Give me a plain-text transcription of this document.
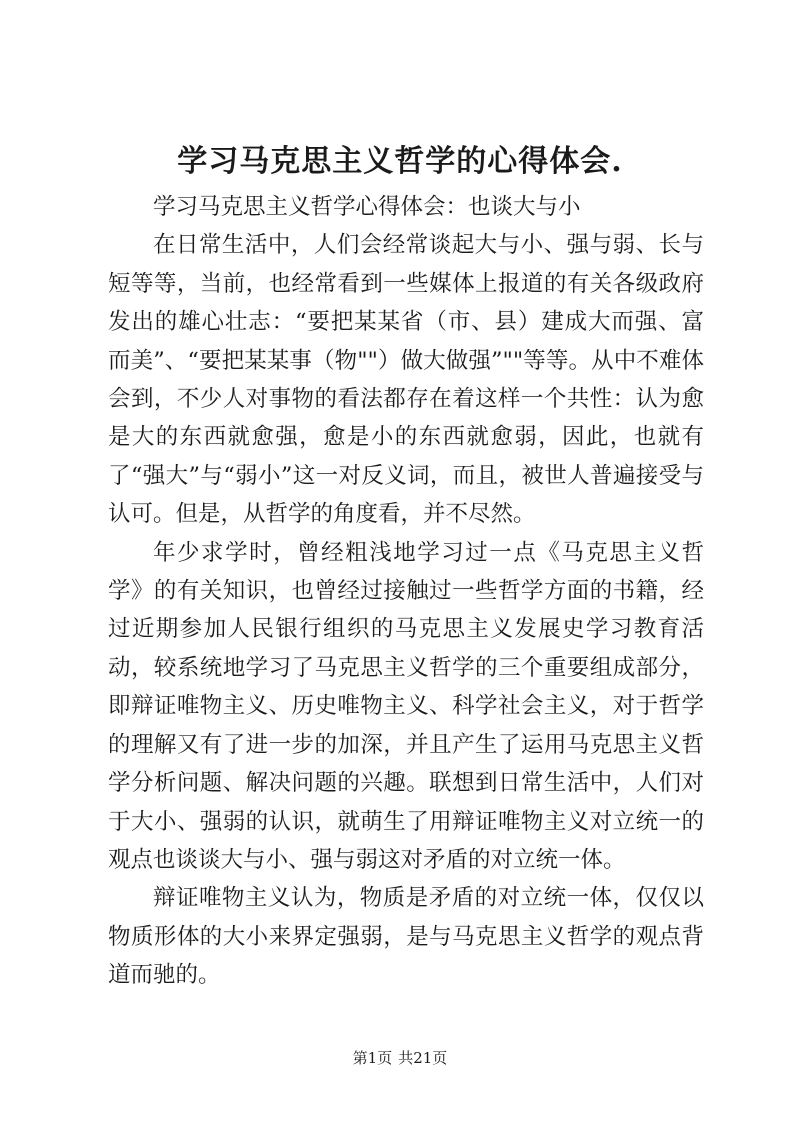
学习马克思主义哲学的心得体会.

学习马克思主义哲学心得体会：也谈大与小

在日常生活中，人们会经常谈起大与小、强与弱、长与短等等，当前，也经常看到一些媒体上报道的有关各级政府发出的雄心壮志：“要把某某省（市、县）建成大而强、富而美”、“要把某某事（物""）做大做强”""等等。从中不难体会到，不少人对事物的看法都存在着这样一个共性：认为愈是大的东西就愈强，愈是小的东西就愈弱，因此，也就有了“强大”与“弱小”这一对反义词，而且，被世人普遍接受与认可。但是，从哲学的角度看，并不尽然。

年少求学时，曾经粗浅地学习过一点《马克思主义哲学》的有关知识，也曾经过接触过一些哲学方面的书籍，经过近期参加人民银行组织的马克思主义发展史学习教育活动，较系统地学习了马克思主义哲学的三个重要组成部分，即辩证唯物主义、历史唯物主义、科学社会主义，对于哲学的理解又有了进一步的加深，并且产生了运用马克思主义哲学分析问题、解决问题的兴趣。联想到日常生活中，人们对于大小、强弱的认识，就萌生了用辩证唯物主义对立统一的观点也谈谈大与小、强与弱这对矛盾的对立统一体。

辩证唯物主义认为，物质是矛盾的对立统一体，仅仅以物质形体的大小来界定强弱，是与马克思主义哲学的观点背道而驰的。

第1页 共21页
